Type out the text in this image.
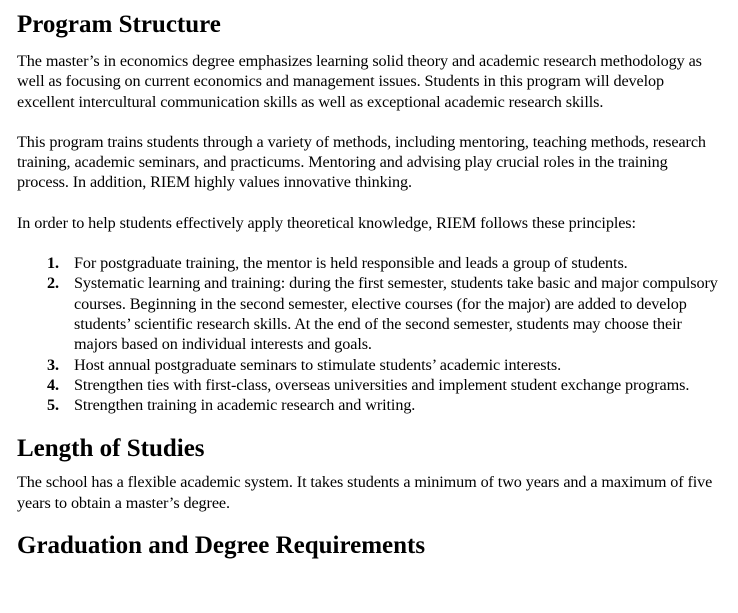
Program Structure

The master’s in economics degree emphasizes learning solid theory and academic research methodology as well as focusing on current economics and management issues. Students in this program will develop excellent intercultural communication skills as well as exceptional academic research skills.

This program trains students through a variety of methods, including mentoring, teaching methods, research training, academic seminars, and practicums. Mentoring and advising play crucial roles in the training process. In addition, RIEM highly values innovative thinking.

In order to help students effectively apply theoretical knowledge, RIEM follows these principles:

1. For postgraduate training, the mentor is held responsible and leads a group of students.
2. Systematic learning and training: during the first semester, students take basic and major compulsory courses. Beginning in the second semester, elective courses (for the major) are added to develop students’ scientific research skills. At the end of the second semester, students may choose their majors based on individual interests and goals.
3. Host annual postgraduate seminars to stimulate students’ academic interests.
4. Strengthen ties with first-class, overseas universities and implement student exchange programs.
5. Strengthen training in academic research and writing.
Length of Studies

The school has a flexible academic system. It takes students a minimum of two years and a maximum of five years to obtain a master’s degree.

Graduation and Degree Requirements
